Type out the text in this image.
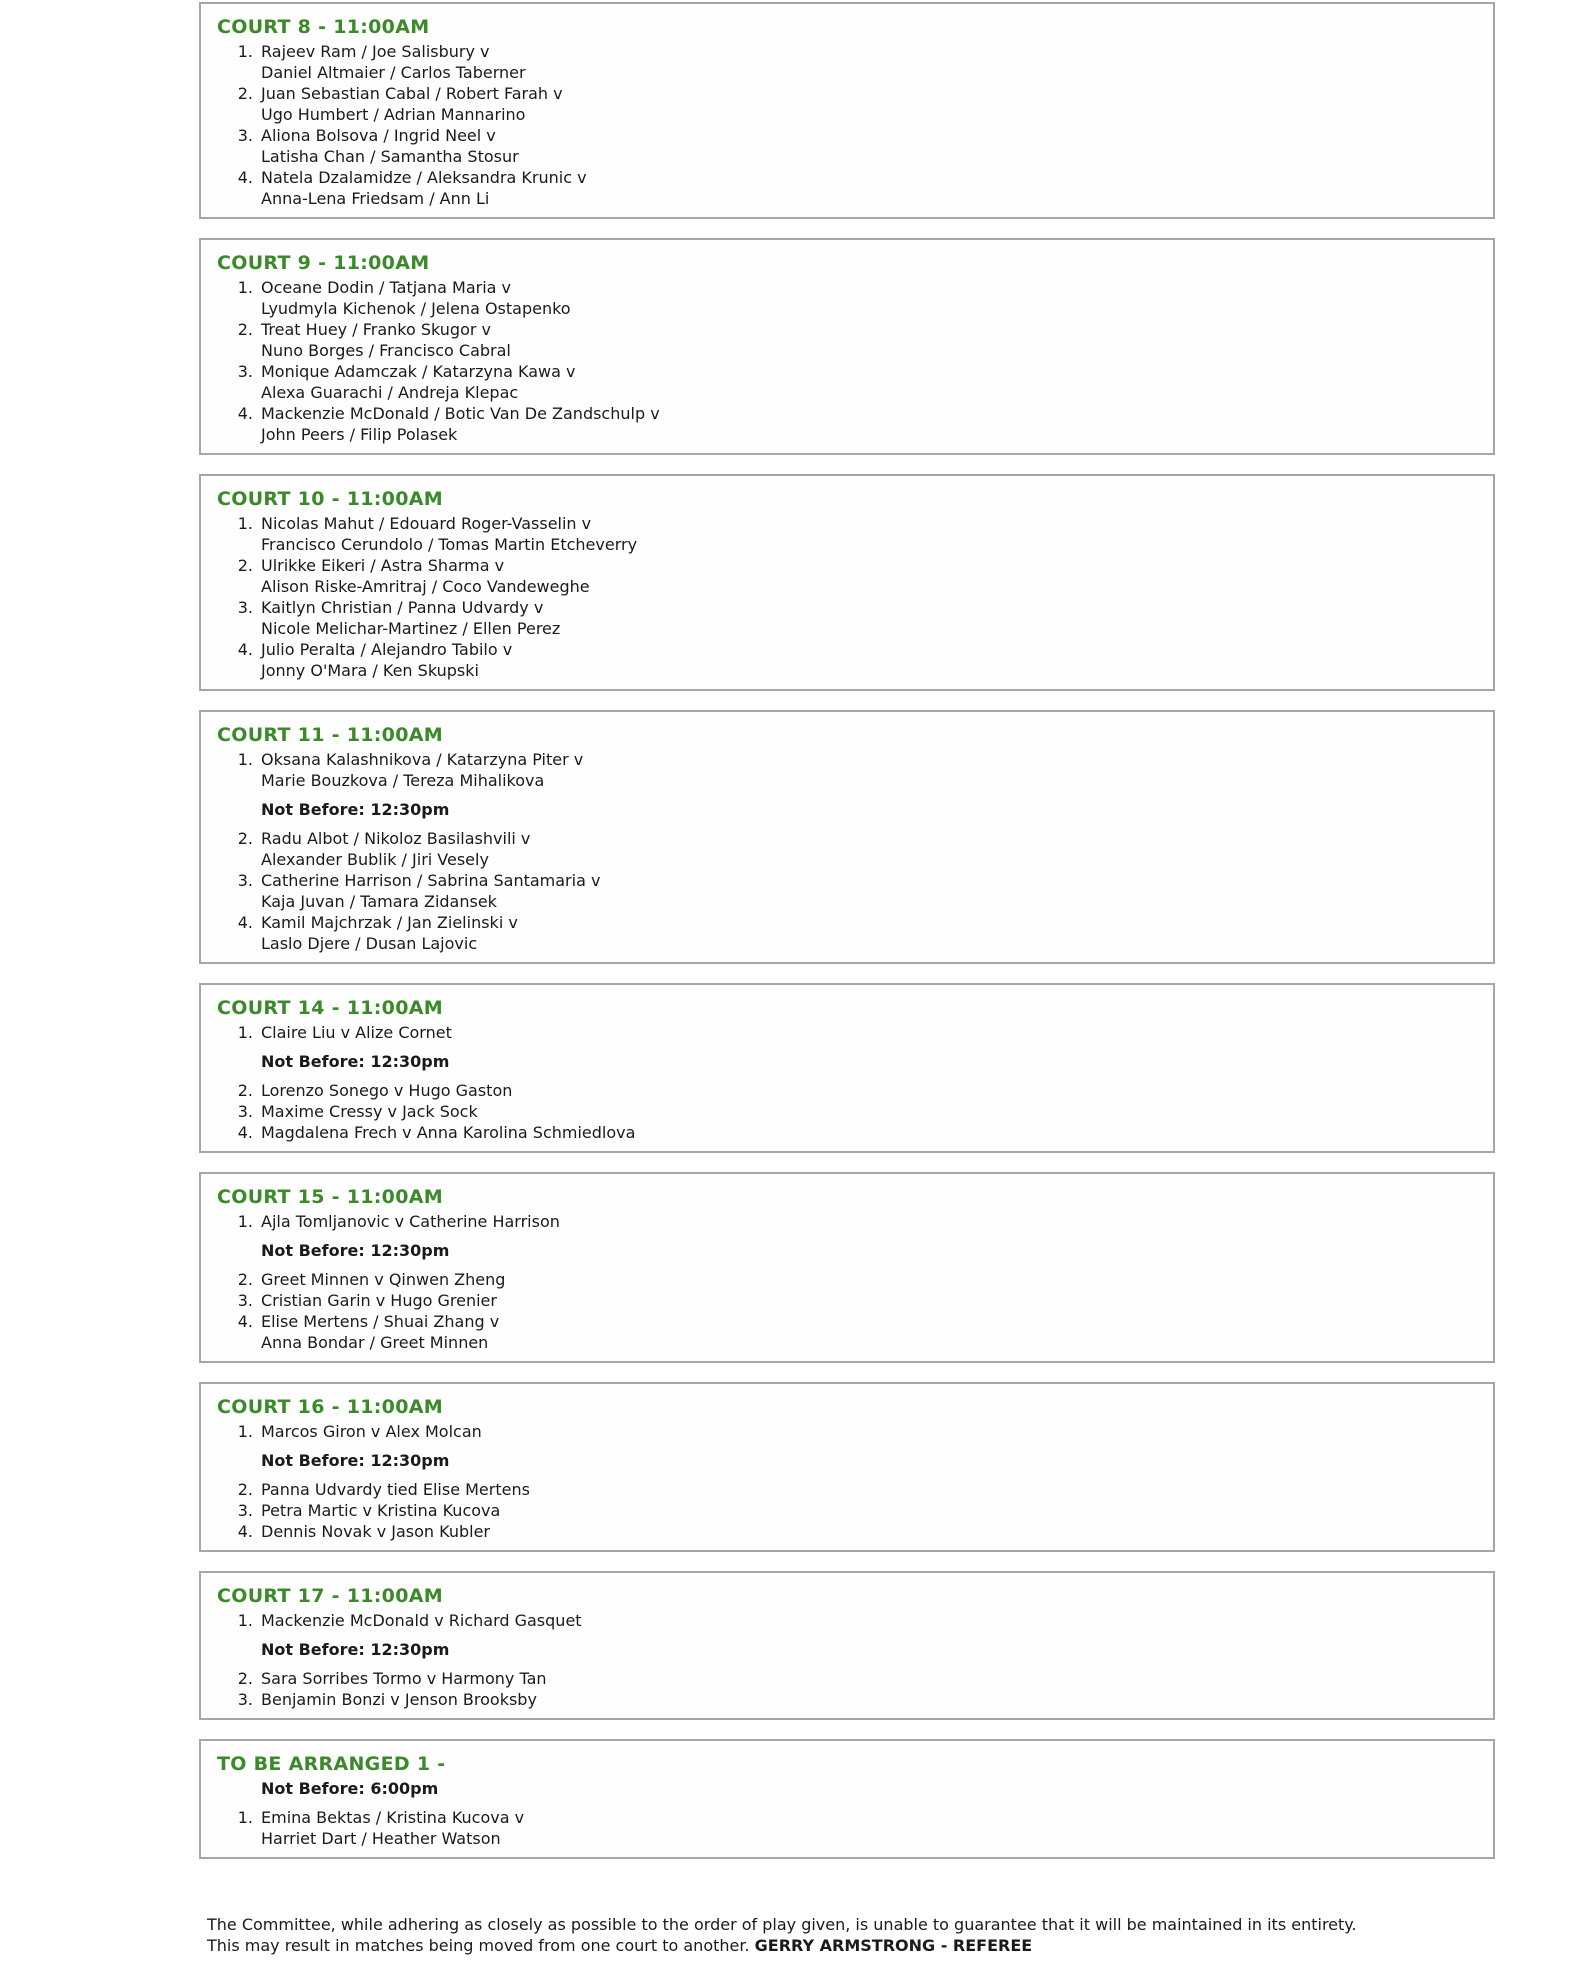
COURT 8 - 11:00AM
1. Rajeev Ram / Joe Salisbury v
Daniel Altmaier / Carlos Taberner
2. Juan Sebastian Cabal / Robert Farah v
Ugo Humbert / Adrian Mannarino
3. Aliona Bolsova / Ingrid Neel v
Latisha Chan / Samantha Stosur
4. Natela Dzalamidze / Aleksandra Krunic v
Anna-Lena Friedsam / Ann Li
COURT 9 - 11:00AM
1. Oceane Dodin / Tatjana Maria v
Lyudmyla Kichenok / Jelena Ostapenko
2. Treat Huey / Franko Skugor v
Nuno Borges / Francisco Cabral
3. Monique Adamczak / Katarzyna Kawa v
Alexa Guarachi / Andreja Klepac
4. Mackenzie McDonald / Botic Van De Zandschulp v
John Peers / Filip Polasek
COURT 10 - 11:00AM
1. Nicolas Mahut / Edouard Roger-Vasselin v
Francisco Cerundolo / Tomas Martin Etcheverry
2. Ulrikke Eikeri / Astra Sharma v
Alison Riske-Amritraj / Coco Vandeweghe
3. Kaitlyn Christian / Panna Udvardy v
Nicole Melichar-Martinez / Ellen Perez
4. Julio Peralta / Alejandro Tabilo v
Jonny O'Mara / Ken Skupski
COURT 11 - 11:00AM
1. Oksana Kalashnikova / Katarzyna Piter v
Marie Bouzkova / Tereza Mihalikova
Not Before: 12:30pm
2. Radu Albot / Nikoloz Basilashvili v
Alexander Bublik / Jiri Vesely
3. Catherine Harrison / Sabrina Santamaria v
Kaja Juvan / Tamara Zidansek
4. Kamil Majchrzak / Jan Zielinski v
Laslo Djere / Dusan Lajovic
COURT 14 - 11:00AM
1. Claire Liu v Alize Cornet
Not Before: 12:30pm
2. Lorenzo Sonego v Hugo Gaston
3. Maxime Cressy v Jack Sock
4. Magdalena Frech v Anna Karolina Schmiedlova
COURT 15 - 11:00AM
1. Ajla Tomljanovic v Catherine Harrison
Not Before: 12:30pm
2. Greet Minnen v Qinwen Zheng
3. Cristian Garin v Hugo Grenier
4. Elise Mertens / Shuai Zhang v
Anna Bondar / Greet Minnen
COURT 16 - 11:00AM
1. Marcos Giron v Alex Molcan
Not Before: 12:30pm
2. Panna Udvardy tied Elise Mertens
3. Petra Martic v Kristina Kucova
4. Dennis Novak v Jason Kubler
COURT 17 - 11:00AM
1. Mackenzie McDonald v Richard Gasquet
Not Before: 12:30pm
2. Sara Sorribes Tormo v Harmony Tan
3. Benjamin Bonzi v Jenson Brooksby
TO BE ARRANGED 1 -
Not Before: 6:00pm
1. Emina Bektas / Kristina Kucova v
Harriet Dart / Heather Watson
The Committee, while adhering as closely as possible to the order of play given, is unable to guarantee that it will be maintained in its entirety.
This may result in matches being moved from one court to another. GERRY ARMSTRONG - REFEREE
